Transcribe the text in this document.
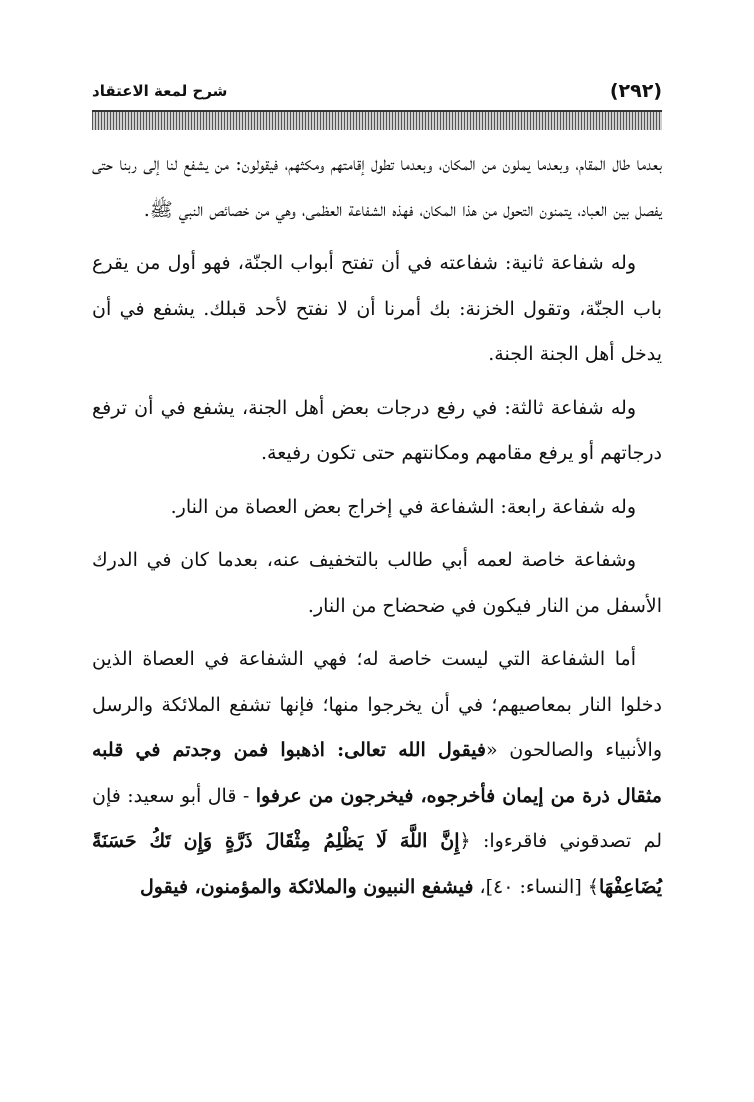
(٢٩٢)
شرح لمعة الاعتقاد

بعدما طال المقام، وبعدما يملون من المكان، وبعدما تطول إقامتهم ومكثهم، فيقولون: من يشفع لنا إلى ربنا حتى يفصل بين العباد، يتمنون التحول من هذا المكان، فهذه الشفاعة العظمى، وهي من خصائص النبي ﷺ.

وله شفاعة ثانية: شفاعته في أن تفتح أبواب الجنّة، فهو أول من يقرع باب الجنّة، وتقول الخزنة: بك أمرنا أن لا نفتح لأحد قبلك. يشفع في أن يدخل أهل الجنة الجنة.

وله شفاعة ثالثة: في رفع درجات بعض أهل الجنة، يشفع في أن ترفع درجاتهم أو يرفع مقامهم ومكانتهم حتى تكون رفيعة.

وله شفاعة رابعة: الشفاعة في إخراج بعض العصاة من النار.

وشفاعة خاصة لعمه أبي طالب بالتخفيف عنه، بعدما كان في الدرك الأسفل من النار فيكون في ضحضاح من النار.

أما الشفاعة التي ليست خاصة له؛ فهي الشفاعة في العصاة الذين دخلوا النار بمعاصيهم؛ في أن يخرجوا منها؛ فإنها تشفع الملائكة والرسل والأنبياء والصالحون «فيقول الله تعالى: اذهبوا فمن وجدتم في قلبه مثقال ذرة من إيمان فأخرجوه، فيخرجون من عرفوا - قال أبو سعيد: فإن لم تصدقوني فاقرءوا: ﴿إِنَّ اللَّهَ لَا يَظْلِمُ مِثْقَالَ ذَرَّةٍ وَإِن تَكُ حَسَنَةً يُضَاعِفْهَا﴾ [النساء: ٤٠]، فيشفع النبيون والملائكة والمؤمنون، فيقول
